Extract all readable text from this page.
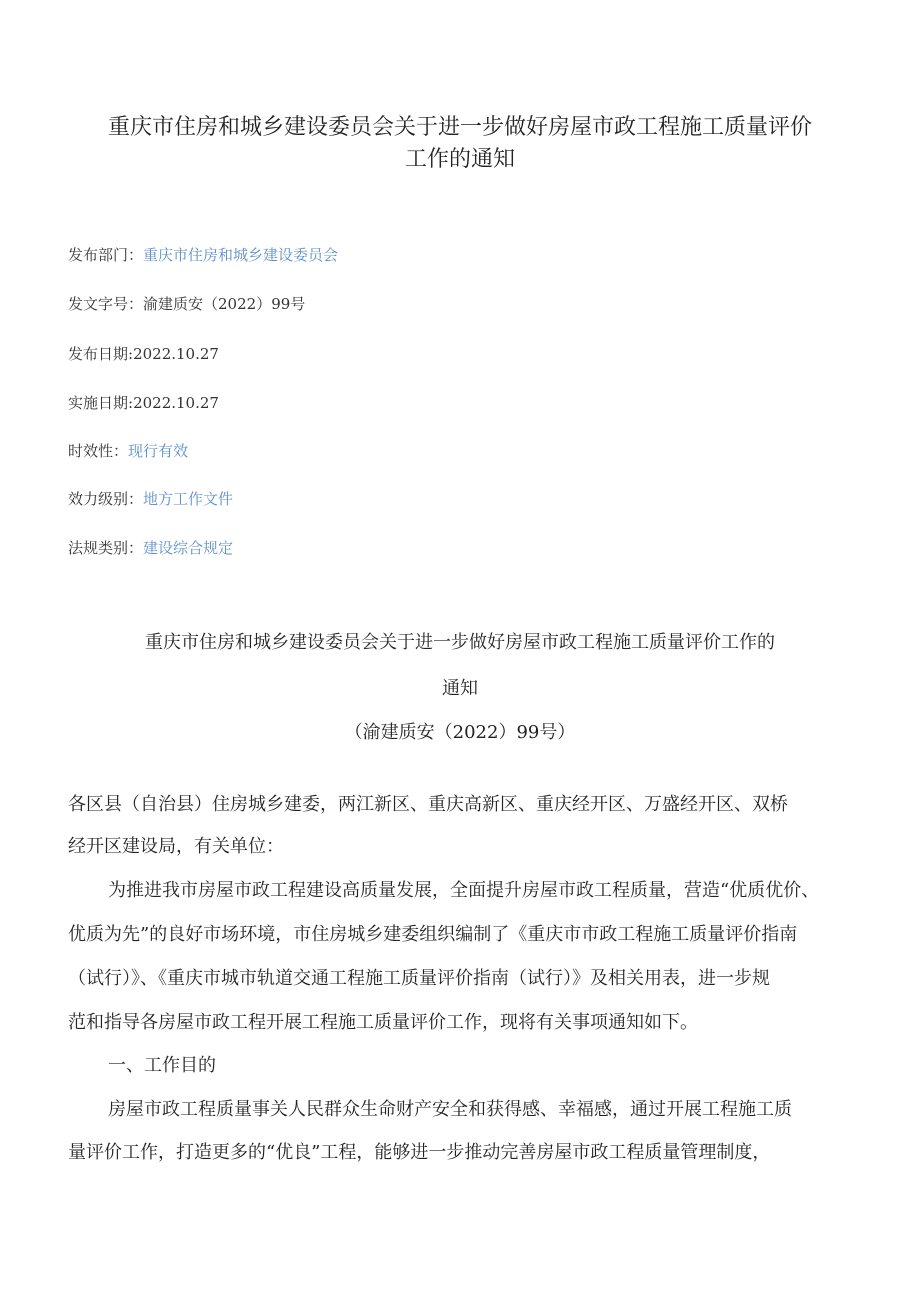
重庆市住房和城乡建设委员会关于进一步做好房屋市政工程施工质量评价
工作的通知
发布部门：重庆市住房和城乡建设委员会
发文字号：渝建质安（2022）99号
发布日期:2022.10.27
实施日期:2022.10.27
时效性：现行有效
效力级别：地方工作文件
法规类别：建设综合规定
重庆市住房和城乡建设委员会关于进一步做好房屋市政工程施工质量评价工作的
通知
（渝建质安（2022）99号）
各区县（自治县）住房城乡建委，两江新区、重庆高新区、重庆经开区、万盛经开区、双桥
经开区建设局，有关单位：
为推进我市房屋市政工程建设高质量发展，全面提升房屋市政工程质量，营造“优质优价、
优质为先”的良好市场环境，市住房城乡建委组织编制了《重庆市市政工程施工质量评价指南
（试行）》、《重庆市城市轨道交通工程施工质量评价指南（试行）》及相关用表，进一步规
范和指导各房屋市政工程开展工程施工质量评价工作，现将有关事项通知如下。
一、工作目的
房屋市政工程质量事关人民群众生命财产安全和获得感、幸福感，通过开展工程施工质
量评价工作，打造更多的“优良”工程，能够进一步推动完善房屋市政工程质量管理制度，
